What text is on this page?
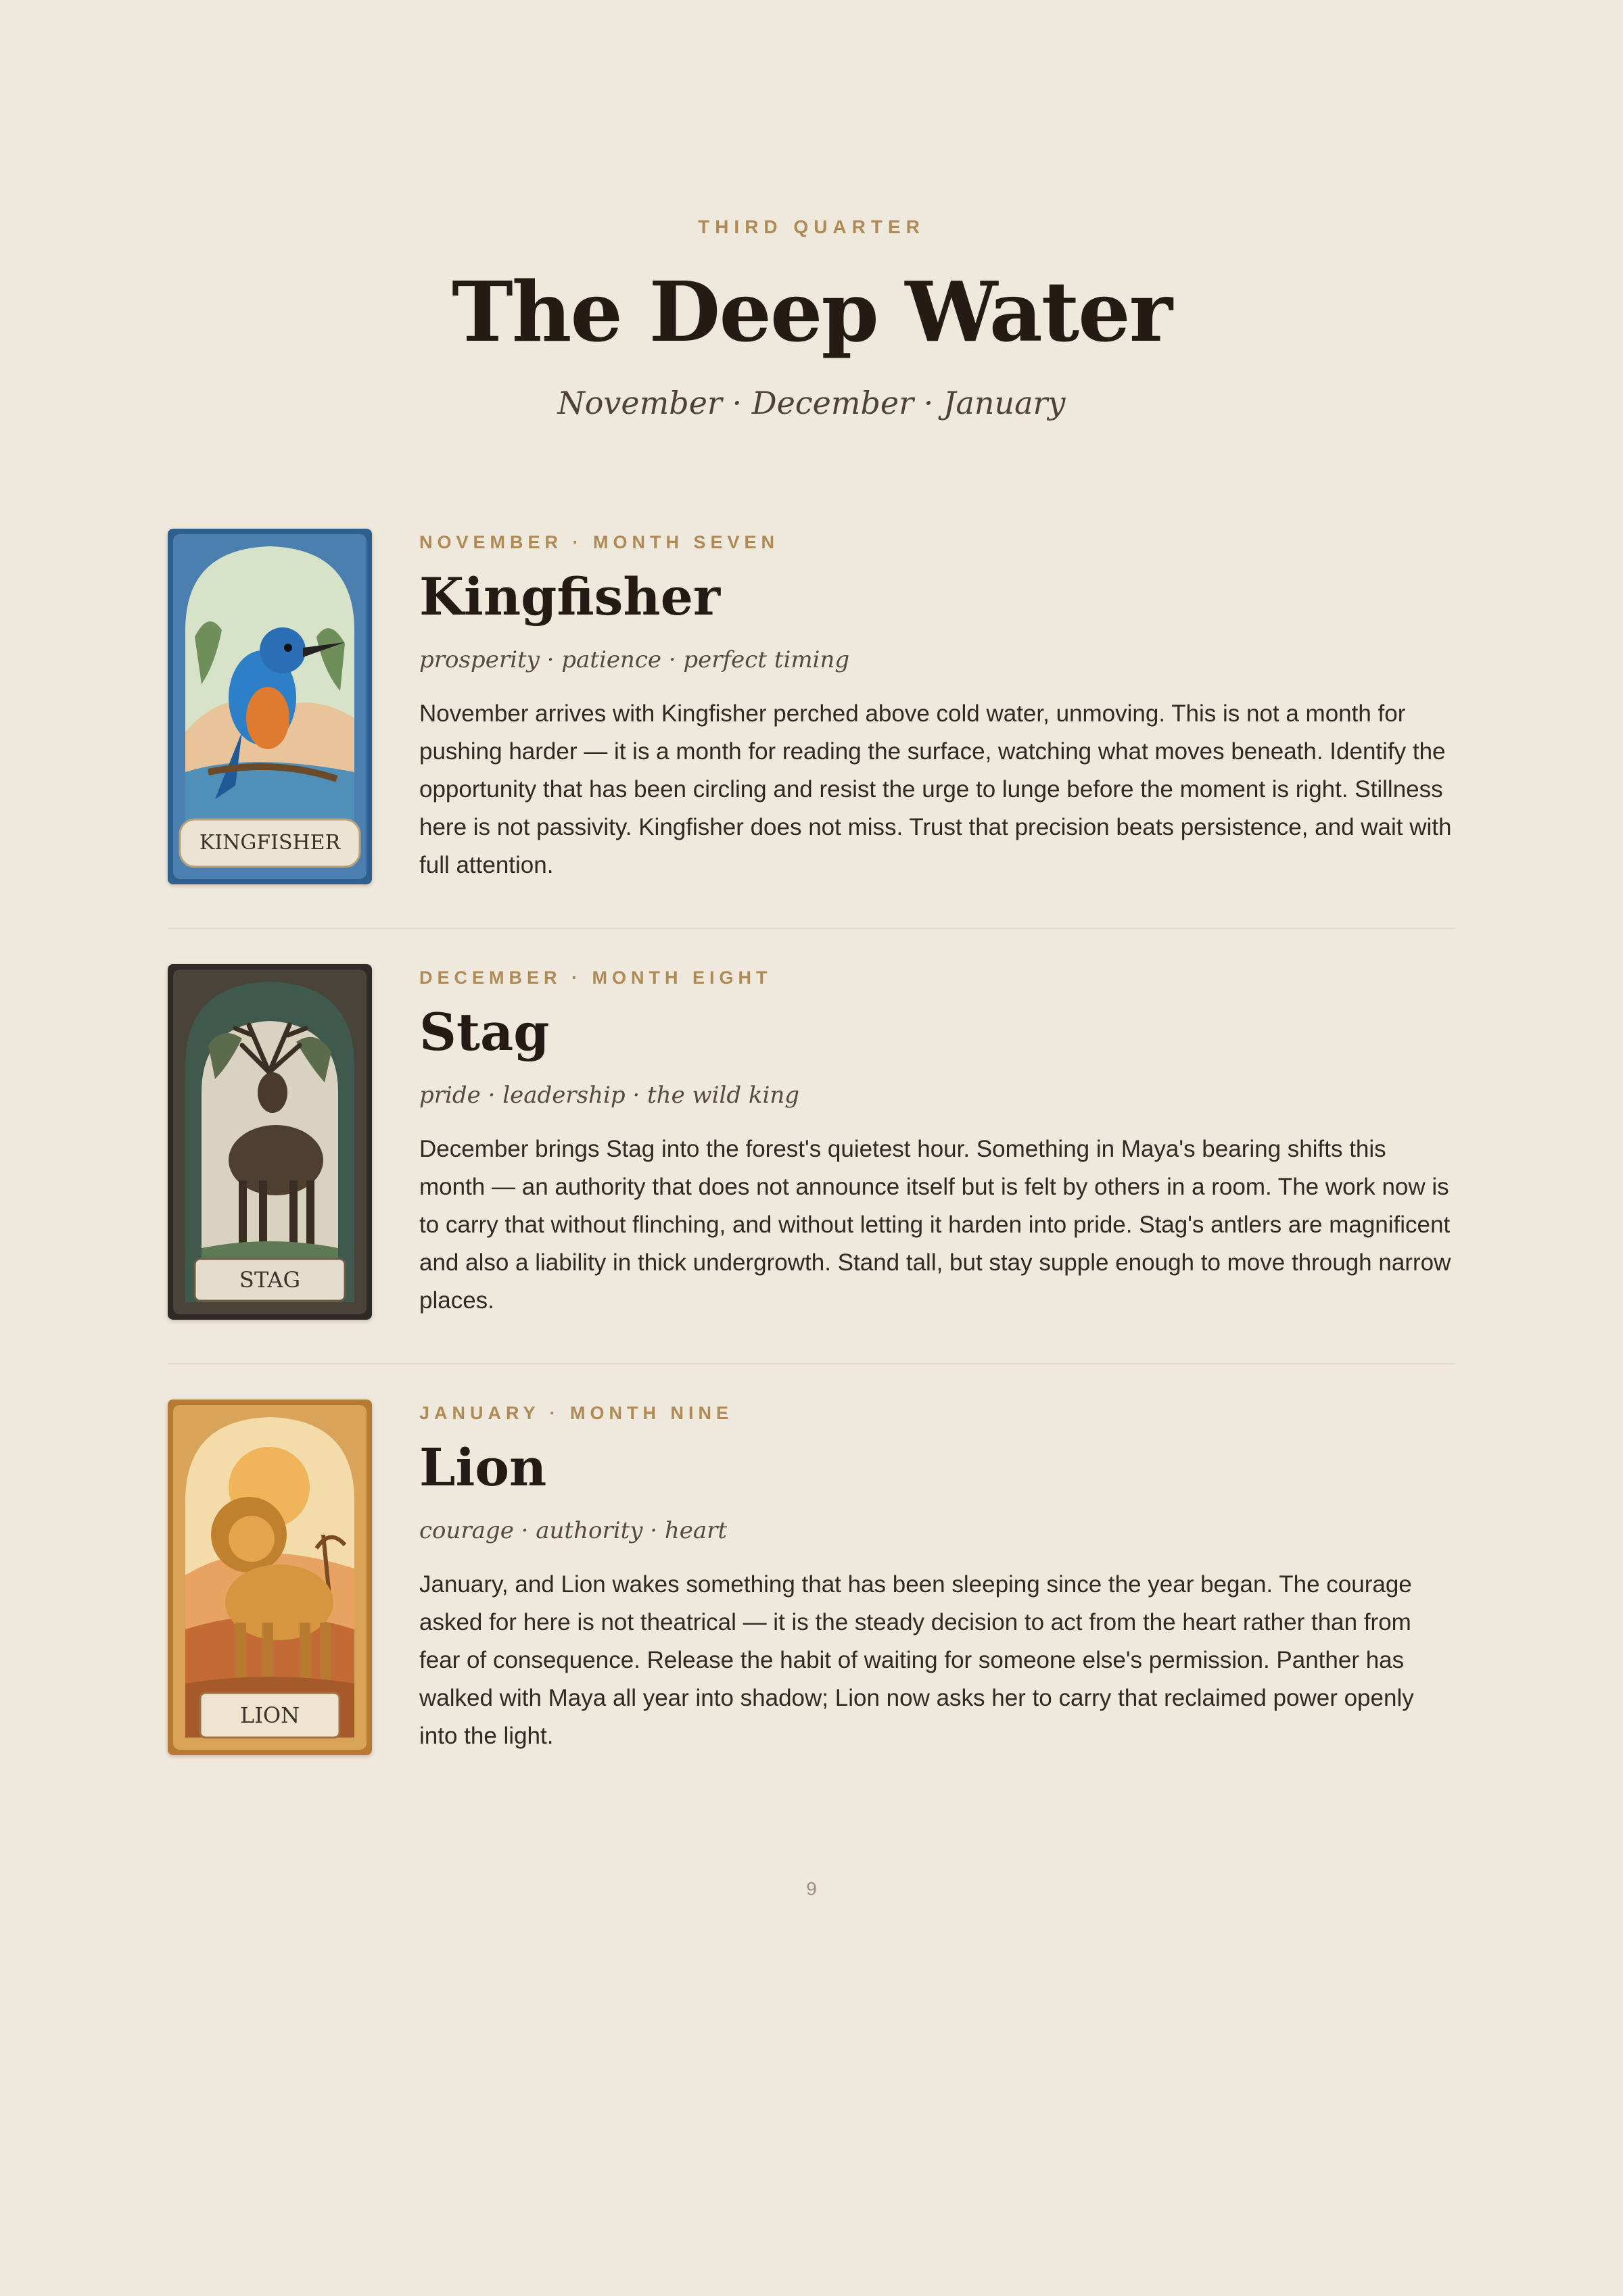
THIRD QUARTER
The Deep Water
November · December · January
KINGFISHER
NOVEMBER · MONTH SEVEN
Kingfisher
prosperity · patience · perfect timing
November arrives with Kingfisher perched above cold water, unmoving. This is not a month for pushing harder — it is a month for reading the surface, watching what moves beneath. Identify the opportunity that has been circling and resist the urge to lunge before the moment is right. Stillness here is not passivity. Kingfisher does not miss. Trust that precision beats persistence, and wait with full attention.
STAG
DECEMBER · MONTH EIGHT
Stag
pride · leadership · the wild king
December brings Stag into the forest's quietest hour. Something in Maya's bearing shifts this month — an authority that does not announce itself but is felt by others in a room. The work now is to carry that without flinching, and without letting it harden into pride. Stag's antlers are magnificent and also a liability in thick undergrowth. Stand tall, but stay supple enough to move through narrow places.
LION
JANUARY · MONTH NINE
Lion
courage · authority · heart
January, and Lion wakes something that has been sleeping since the year began. The courage asked for here is not theatrical — it is the steady decision to act from the heart rather than from fear of consequence. Release the habit of waiting for someone else's permission. Panther has walked with Maya all year into shadow; Lion now asks her to carry that reclaimed power openly into the light.
9
